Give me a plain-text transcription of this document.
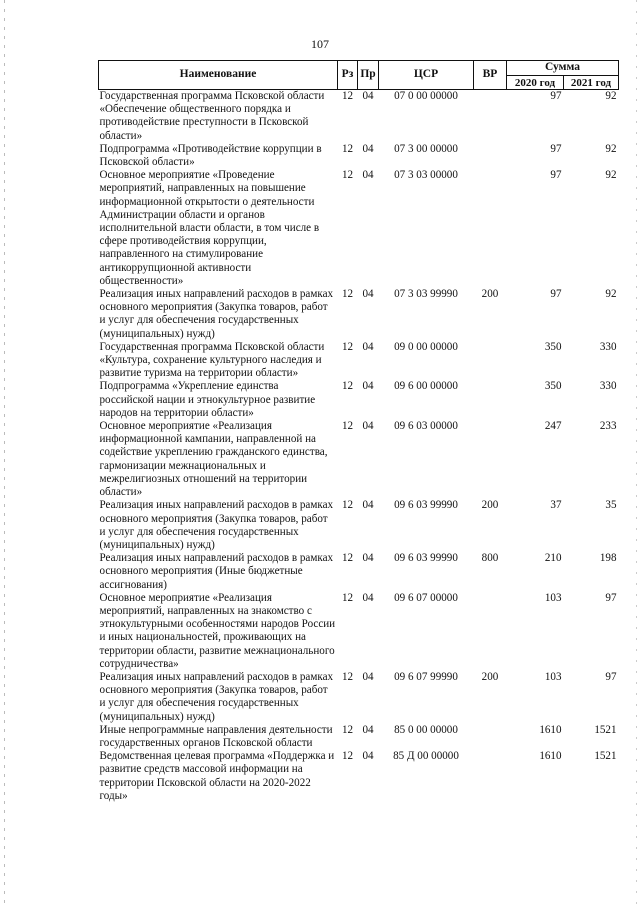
107
Наименование	Рз	Пр	ЦСР	ВР	Сумма	
					2020 год	2021 год
Государственная программа Псковской области «Обеспечение общественного порядка и противодействие преступности в Псковской области»	12	04	07 0 00 00000		97	92
Подпрограмма «Противодействие коррупции в Псковской области»	12	04	07 3 00 00000		97	92
Основное мероприятие «Проведение мероприятий, направленных на повышение информационной открытости о деятельности Администрации области и органов исполнительной власти области, в том числе в сфере противодействия коррупции, направленного на стимулирование антикоррупционной активности общественности»	12	04	07 3 03 00000		97	92
Реализация иных направлений расходов в рамках основного мероприятия (Закупка товаров, работ и услуг для обеспечения государственных (муниципальных) нужд)	12	04	07 3 03 99990	200	97	92
Государственная программа Псковской области «Культура, сохранение культурного наследия и развитие туризма на территории области»	12	04	09 0 00 00000		350	330
Подпрограмма «Укрепление единства российской нации и этнокультурное развитие народов на территории области»	12	04	09 6 00 00000		350	330
Основное мероприятие «Реализация информационной кампании, направленной на содействие укреплению гражданского единства, гармонизации межнациональных и межрелигиозных отношений на территории области»	12	04	09 6 03 00000		247	233
Реализация иных направлений расходов в рамках основного мероприятия (Закупка товаров, работ и услуг для обеспечения государственных (муниципальных) нужд)	12	04	09 6 03 99990	200	37	35
Реализация иных направлений расходов в рамках основного мероприятия (Иные бюджетные ассигнования)	12	04	09 6 03 99990	800	210	198
Основное мероприятие «Реализация мероприятий, направленных на знакомство с этнокультурными особенностями народов России и иных национальностей, проживающих на территории области, развитие межнационального сотрудничества»	12	04	09 6 07 00000		103	97
Реализация иных направлений расходов в рамках основного мероприятия (Закупка товаров, работ и услуг для обеспечения государственных (муниципальных) нужд)	12	04	09 6 07 99990	200	103	97
Иные непрограммные направления деятельности государственных органов Псковской области	12	04	85 0 00 00000		1610	1521
Ведомственная целевая программа «Поддержка и развитие средств массовой информации на территории Псковской области на 2020-2022 годы»	12	04	85 Д 00 00000		1610	1521
